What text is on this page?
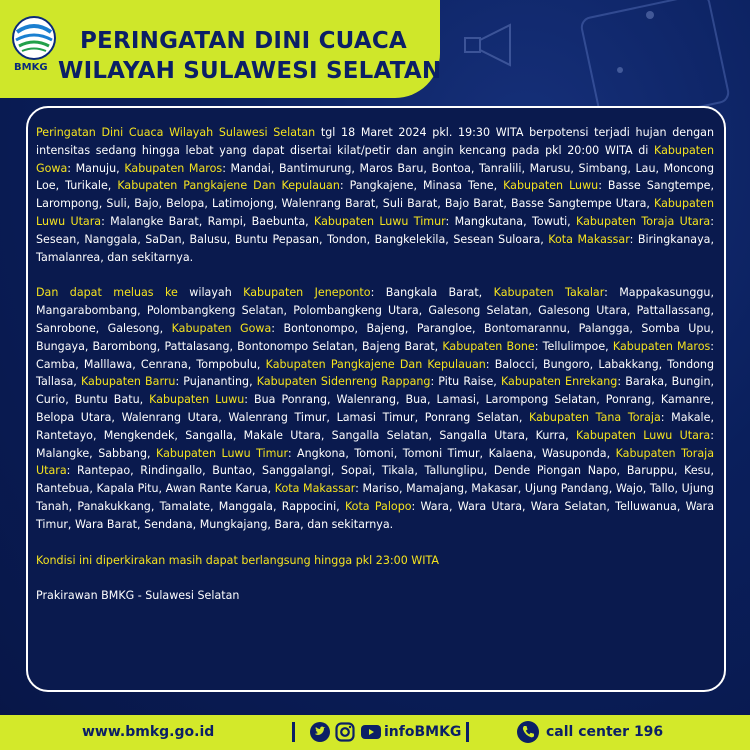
BMKG
PERINGATAN DINI CUACA
WILAYAH SULAWESI SELATAN

Peringatan Dini Cuaca Wilayah Sulawesi Selatan tgl 18 Maret 2024 pkl. 19:30 WITA berpotensi terjadi hujan dengan intensitas sedang hingga lebat yang dapat disertai kilat/petir dan angin kencang pada pkl 20:00 WITA di Kabupaten Gowa: Manuju, Kabupaten Maros: Mandai, Bantimurung, Maros Baru, Bontoa, Tanralili, Marusu, Simbang, Lau, Moncong Loe, Turikale, Kabupaten Pangkajene Dan Kepulauan: Pangkajene, Minasa Tene, Kabupaten Luwu: Basse Sangtempe, Larompong, Suli, Bajo, Belopa, Latimojong, Walenrang Barat, Suli Barat, Bajo Barat, Basse Sangtempe Utara, Kabupaten Luwu Utara: Malangke Barat, Rampi, Baebunta, Kabupaten Luwu Timur: Mangkutana, Towuti, Kabupaten Toraja Utara: Sesean, Nanggala, SaDan, Balusu, Buntu Pepasan, Tondon, Bangkelekila, Sesean Suloara, Kota Makassar: Biringkanaya, Tamalanrea, dan sekitarnya.

Dan dapat meluas ke wilayah Kabupaten Jeneponto: Bangkala Barat, Kabupaten Takalar: Mappakasunggu, Mangarabombang, Polombangkeng Selatan, Polombangkeng Utara, Galesong Selatan, Galesong Utara, Pattallassang, Sanrobone, Galesong, Kabupaten Gowa: Bontonompo, Bajeng, Parangloe, Bontomarannu, Palangga, Somba Upu, Bungaya, Barombong, Pattalasang, Bontonompo Selatan, Bajeng Barat, Kabupaten Bone: Tellulimpoe, Kabupaten Maros: Camba, Malllawa, Cenrana, Tompobulu, Kabupaten Pangkajene Dan Kepulauan: Balocci, Bungoro, Labakkang, Tondong Tallasa, Kabupaten Barru: Pujananting, Kabupaten Sidenreng Rappang: Pitu Raise, Kabupaten Enrekang: Baraka, Bungin, Curio, Buntu Batu, Kabupaten Luwu: Bua Ponrang, Walenrang, Bua, Lamasi, Larompong Selatan, Ponrang, Kamanre, Belopa Utara, Walenrang Utara, Walenrang Timur, Lamasi Timur, Ponrang Selatan, Kabupaten Tana Toraja: Makale, Rantetayo, Mengkendek, Sangalla, Makale Utara, Sangalla Selatan, Sangalla Utara, Kurra, Kabupaten Luwu Utara: Malangke, Sabbang, Kabupaten Luwu Timur: Angkona, Tomoni, Tomoni Timur, Kalaena, Wasuponda, Kabupaten Toraja Utara: Rantepao, Rindingallo, Buntao, Sanggalangi, Sopai, Tikala, Tallunglipu, Dende Piongan Napo, Baruppu, Kesu, Rantebua, Kapala Pitu, Awan Rante Karua, Kota Makassar: Mariso, Mamajang, Makasar, Ujung Pandang, Wajo, Tallo, Ujung Tanah, Panakukkang, Tamalate, Manggala, Rappocini, Kota Palopo: Wara, Wara Utara, Wara Selatan, Telluwanua, Wara Timur, Wara Barat, Sendana, Mungkajang, Bara, dan sekitarnya.

Kondisi ini diperkirakan masih dapat berlangsung hingga pkl 23:00 WITA

Prakirawan BMKG - Sulawesi Selatan

www.bmkg.go.id	infoBMKG	call center 196
